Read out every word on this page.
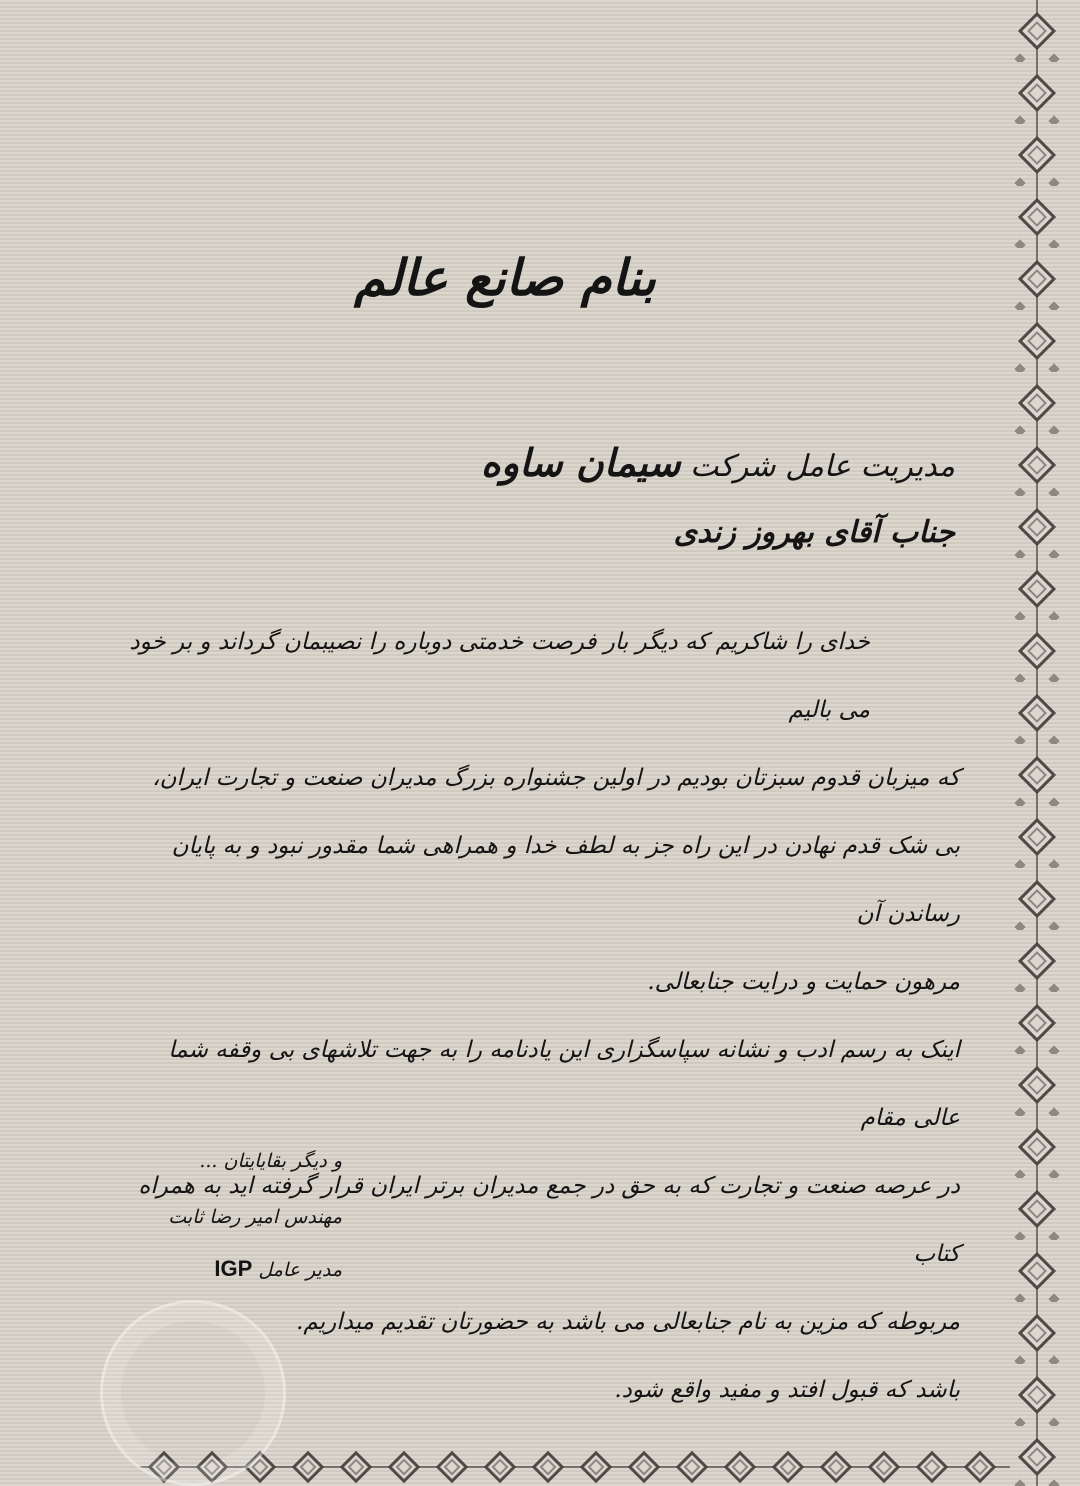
بنام صانع عالم
مدیریت عامل شرکت سیمان ساوه
جناب آقای بهروز زندی
خدای را شاکریم که دیگر بار فرصت خدمتی دوباره را نصیبمان گرداند و بر خود می بالیم
که میزبان قدوم سبزتان بودیم در اولین جشنواره بزرگ مدیران صنعت و تجارت ایران،
بی شک قدم نهادن در این راه جز به لطف خدا و همراهی شما مقدور نبود و به پایان رساندن آن
مرهون حمایت و درایت جنابعالی.
اینک به رسم ادب و نشانه سپاسگزاری این یادنامه را به جهت تلاشهای بی وقفه شما عالی مقام
در عرصه صنعت و تجارت که به حق در جمع مدیران برتر ایران قرار گرفته اید به همراه کتاب
مربوطه که مزین به نام جنابعالی می باشد به حضورتان تقدیم میداریم.
باشد که قبول افتد و مفید واقع شود.
و دیگر بقایایتان ...
مهندس امیر رضا ثابت
مدیر عامل IGP
